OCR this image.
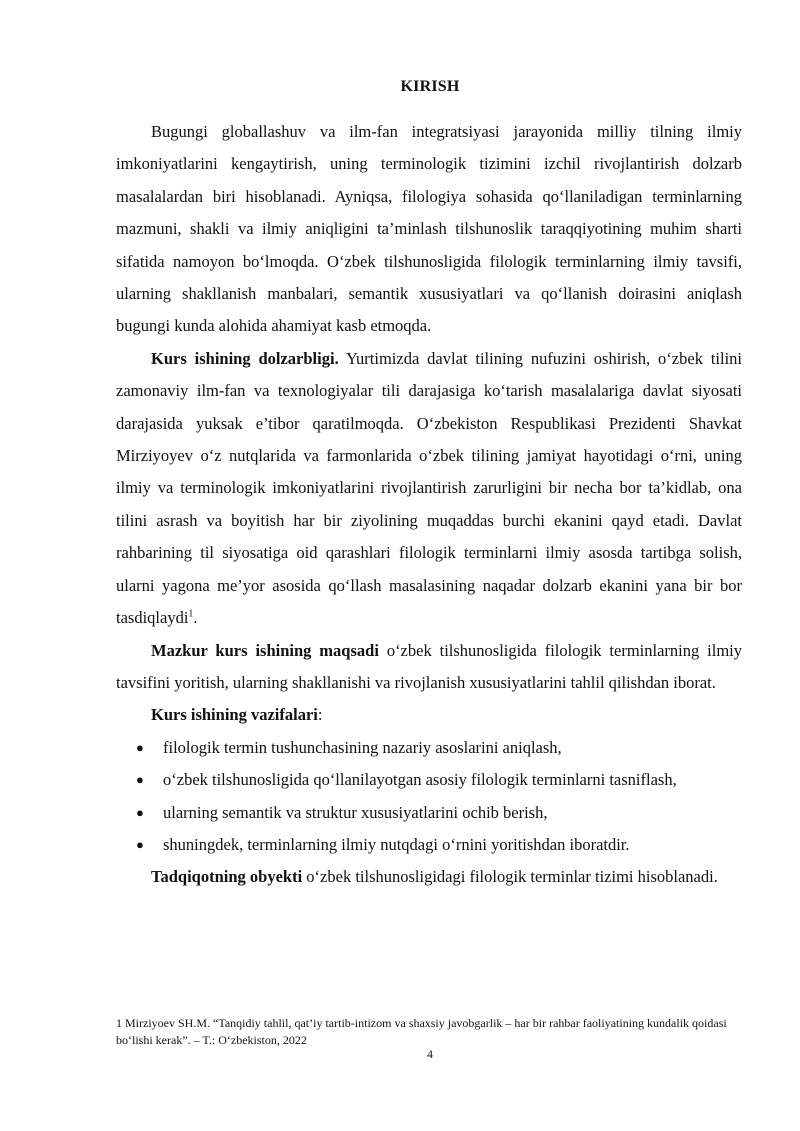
KIRISH

Bugungi globallashuv va ilm-fan integratsiyasi jarayonida milliy tilning ilmiy imkoniyatlarini kengaytirish, uning terminologik tizimini izchil rivojlantirish dolzarb masalalardan biri hisoblanadi. Ayniqsa, filologiya sohasida qo‘llaniladigan terminlarning mazmuni, shakli va ilmiy aniqligini ta’minlash tilshunoslik taraqqiyotining muhim sharti sifatida namoyon bo‘lmoqda. O‘zbek tilshunosligida filologik terminlarning ilmiy tavsifi, ularning shakllanish manbalari, semantik xususiyatlari va qo‘llanish doirasini aniqlash bugungi kunda alohida ahamiyat kasb etmoqda.

Kurs ishining dolzarbligi. Yurtimizda davlat tilining nufuzini oshirish, o‘zbek tilini zamonaviy ilm-fan va texnologiyalar tili darajasiga ko‘tarish masalalariga davlat siyosati darajasida yuksak e’tibor qaratilmoqda. O‘zbekiston Respublikasi Prezidenti Shavkat Mirziyoyev o‘z nutqlarida va farmonlarida o‘zbek tilining jamiyat hayotidagi o‘rni, uning ilmiy va terminologik imkoniyatlarini rivojlantirish zarurligini bir necha bor ta’kidlab, ona tilini asrash va boyitish har bir ziyolining muqaddas burchi ekanini qayd etadi. Davlat rahbarining til siyosatiga oid qarashlari filologik terminlarni ilmiy asosda tartibga solish, ularni yagona me’yor asosida qo‘llash masalasining naqadar dolzarb ekanini yana bir bor tasdiqlaydi$^1$.

Mazkur kurs ishining maqsadi o‘zbek tilshunosligida filologik terminlarning ilmiy tavsifini yoritish, ularning shakllanishi va rivojlanish xususiyatlarini tahlil qilishdan iborat.

Kurs ishining vazifalari:

● filologik termin tushunchasining nazariy asoslarini aniqlash,
● o‘zbek tilshunosligida qo‘llanilayotgan asosiy filologik terminlarni tasniflash,
● ularning semantik va struktur xususiyatlarini ochib berish,
● shuningdek, terminlarning ilmiy nutqdagi o‘rnini yoritishdan iboratdir.

Tadqiqotning obyekti o‘zbek tilshunosligidagi filologik terminlar tizimi hisoblanadi.

1 Mirziyoev SH.M. “Tanqidiy tahlil, qat’iy tartib-intizom va shaxsiy javobgarlik – har bir rahbar faoliyatining kundalik qoidasi bo‘lishi kerak”. – T.: O‘zbekiston, 2022
4
